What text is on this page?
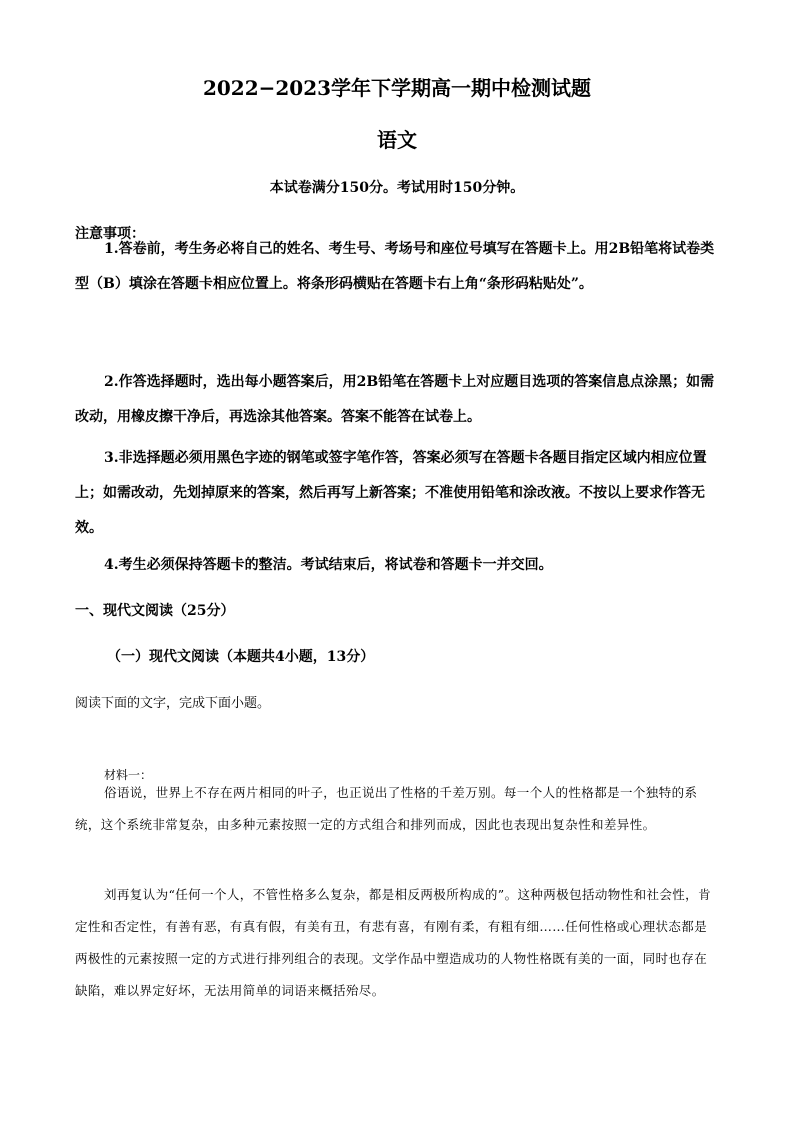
2022−2023学年下学期高一期中检测试题
语文
本试卷满分150分。考试用时150分钟。
注意事项：
1.答卷前，考生务必将自己的姓名、考生号、考场号和座位号填写在答题卡上。用2B铅笔将试卷类型（B）填涂在答题卡相应位置上。将条形码横贴在答题卡右上角“条形码粘贴处”。
2.作答选择题时，选出每小题答案后，用2B铅笔在答题卡上对应题目选项的答案信息点涂黑；如需改动，用橡皮擦干净后，再选涂其他答案。答案不能答在试卷上。
3.非选择题必须用黑色字迹的钢笔或签字笔作答，答案必须写在答题卡各题目指定区域内相应位置上；如需改动，先划掉原来的答案，然后再写上新答案；不准使用铅笔和涂改液。不按以上要求作答无效。
4.考生必须保持答题卡的整洁。考试结束后，将试卷和答题卡一并交回。
一、现代文阅读（25分）
（一）现代文阅读（本题共4小题，13分）
阅读下面的文字，完成下面小题。
材料一：
俗语说，世界上不存在两片相同的叶子，也正说出了性格的千差万别。每一个人的性格都是一个独特的系统，这个系统非常复杂，由多种元素按照一定的方式组合和排列而成，因此也表现出复杂性和差异性。
刘再复认为“任何一个人，不管性格多么复杂，都是相反两极所构成的”。这种两极包括动物性和社会性，肯定性和否定性，有善有恶，有真有假，有美有丑，有悲有喜，有刚有柔，有粗有细……任何性格或心理状态都是两极性的元素按照一定的方式进行排列组合的表现。文学作品中塑造成功的人物性格既有美的一面，同时也存在缺陷，难以界定好坏，无法用简单的词语来概括殆尽。
